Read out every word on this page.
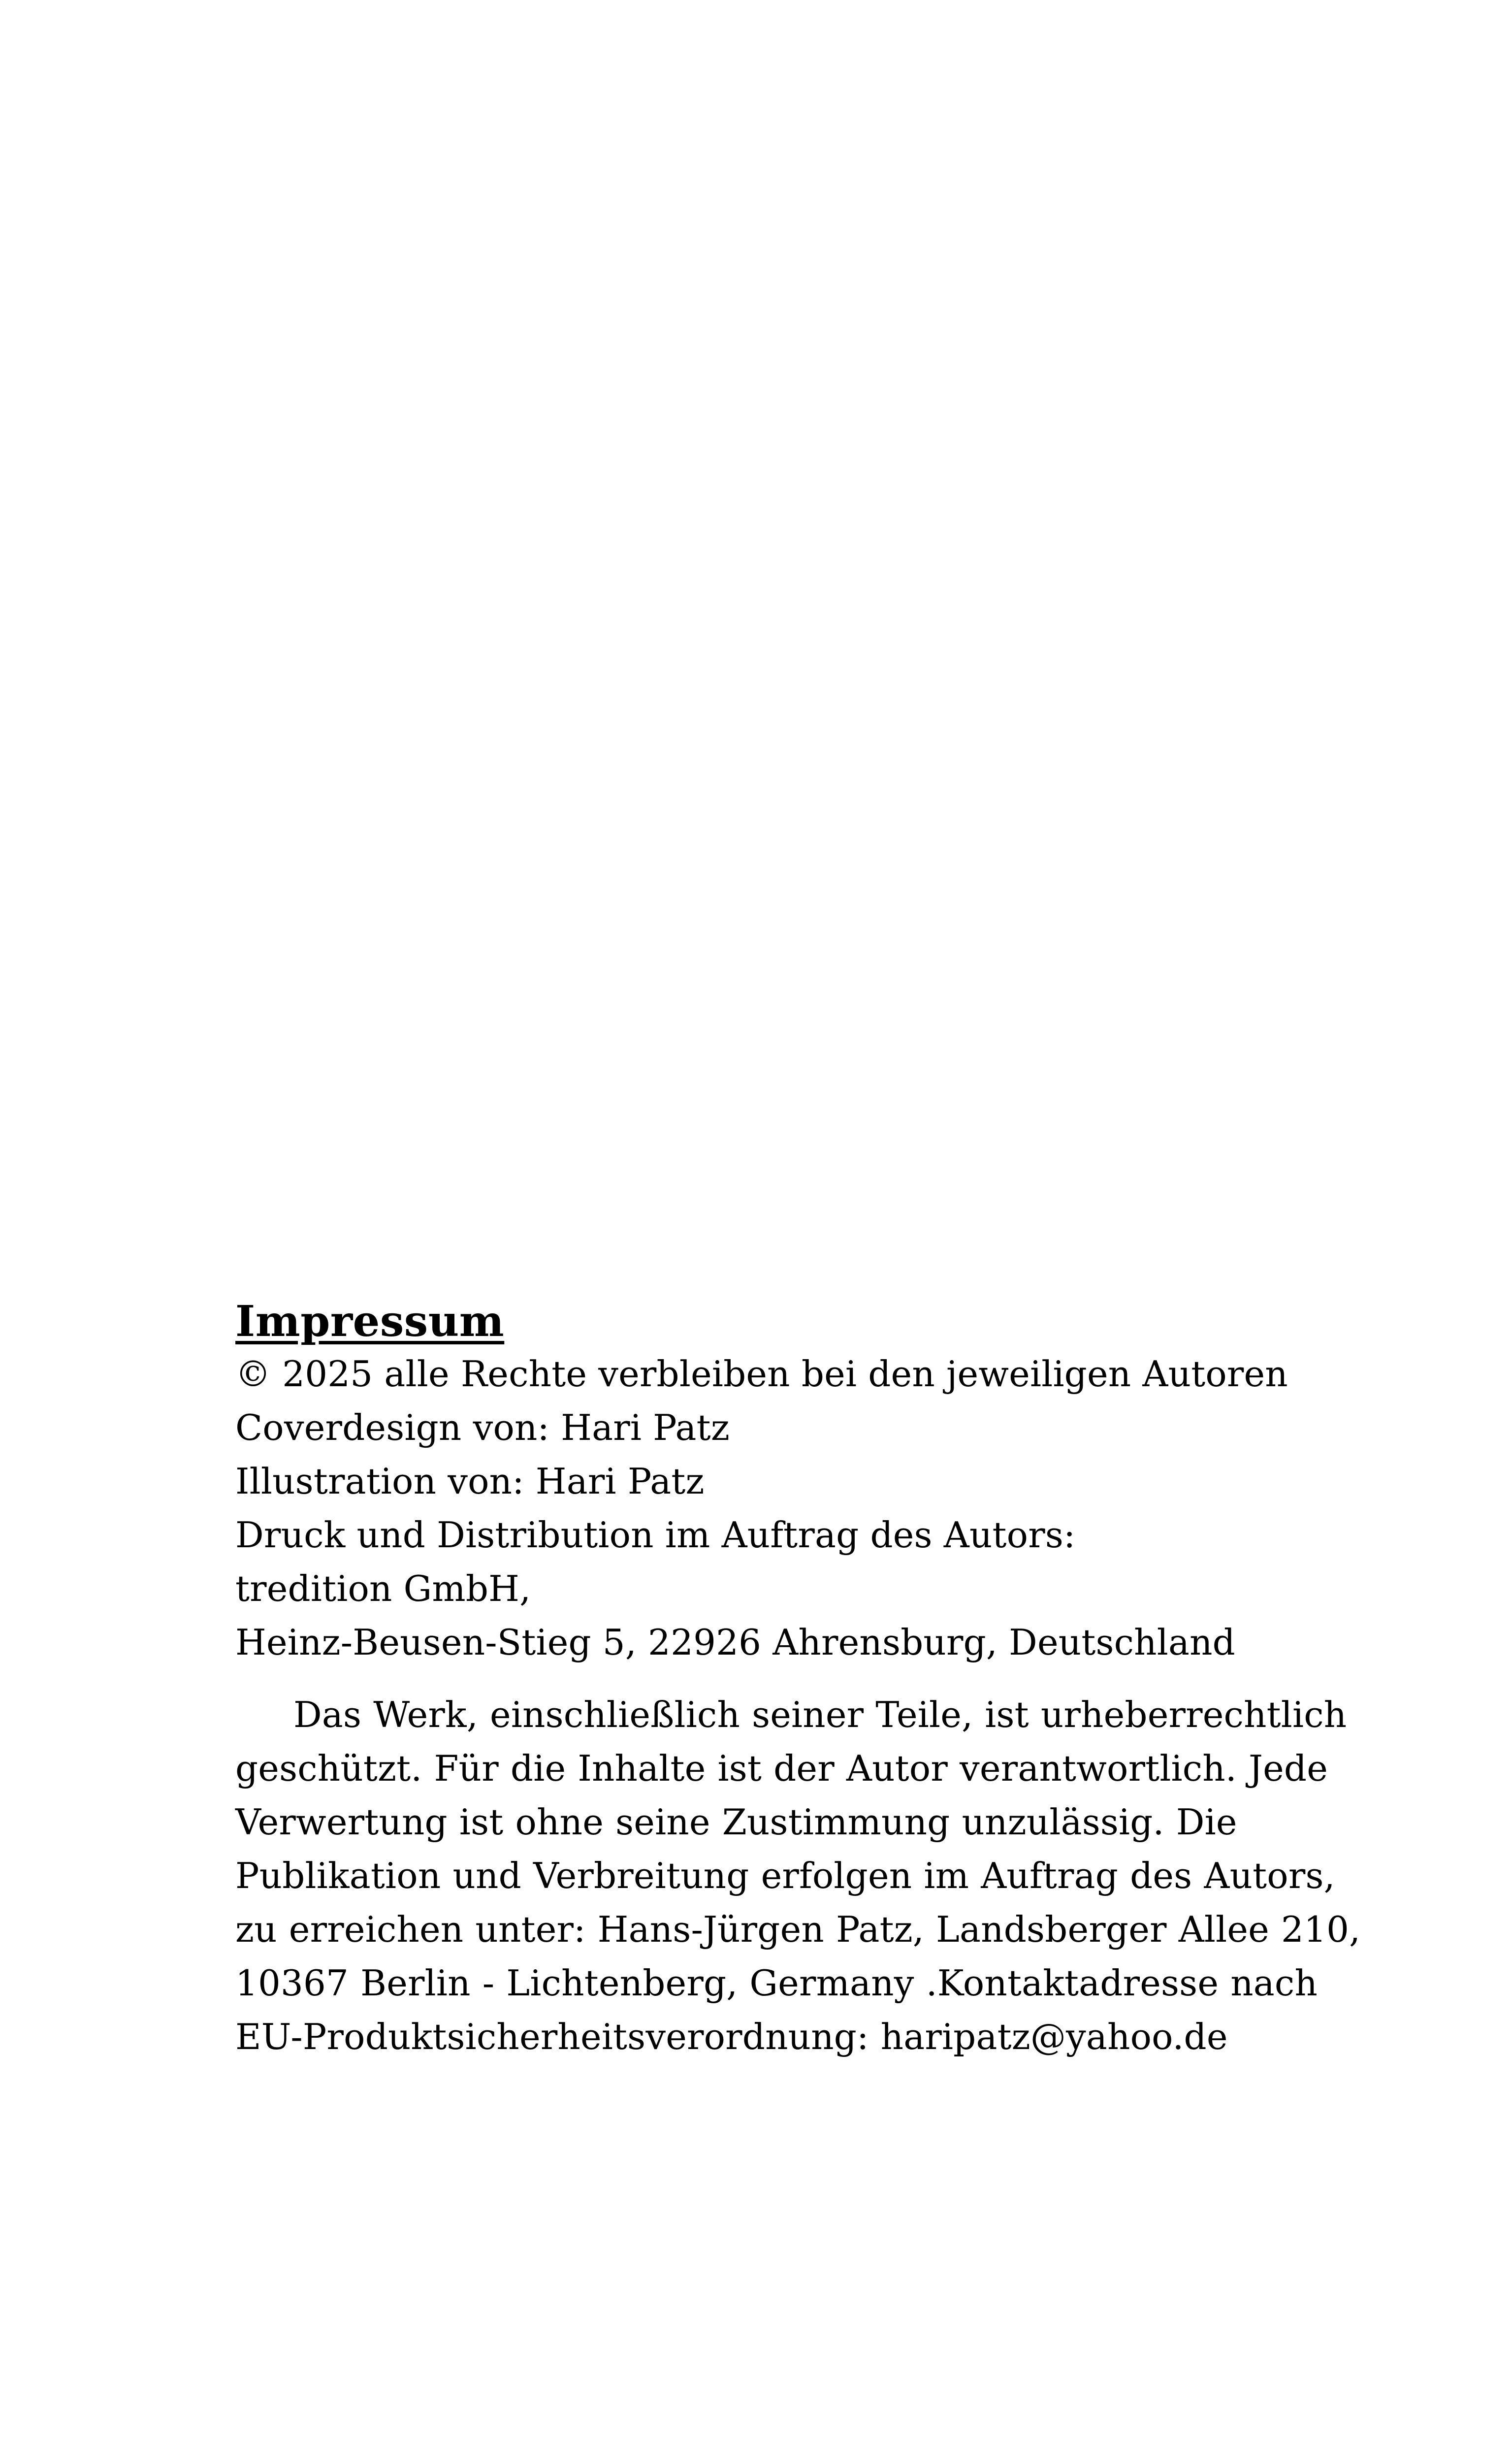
Impressum
© 2025 alle Rechte verbleiben bei den jeweiligen Autoren
Coverdesign von: Hari Patz
Illustration von: Hari Patz
Druck und Distribution im Auftrag des Autors:
tredition GmbH,
Heinz-Beusen-Stieg 5, 22926 Ahrensburg, Deutschland

Das Werk, einschließlich seiner Teile, ist urheberrechtlich geschützt. Für die Inhalte ist der Autor verantwortlich. Jede Verwertung ist ohne seine Zustimmung unzulässig. Die Publikation und Verbreitung erfolgen im Auftrag des Autors, zu erreichen unter: Hans-Jürgen Patz, Landsberger Allee 210, 10367 Berlin - Lichtenberg, Germany .Kontaktadresse nach EU-Produktsicherheitsverordnung: haripatz@yahoo.de
